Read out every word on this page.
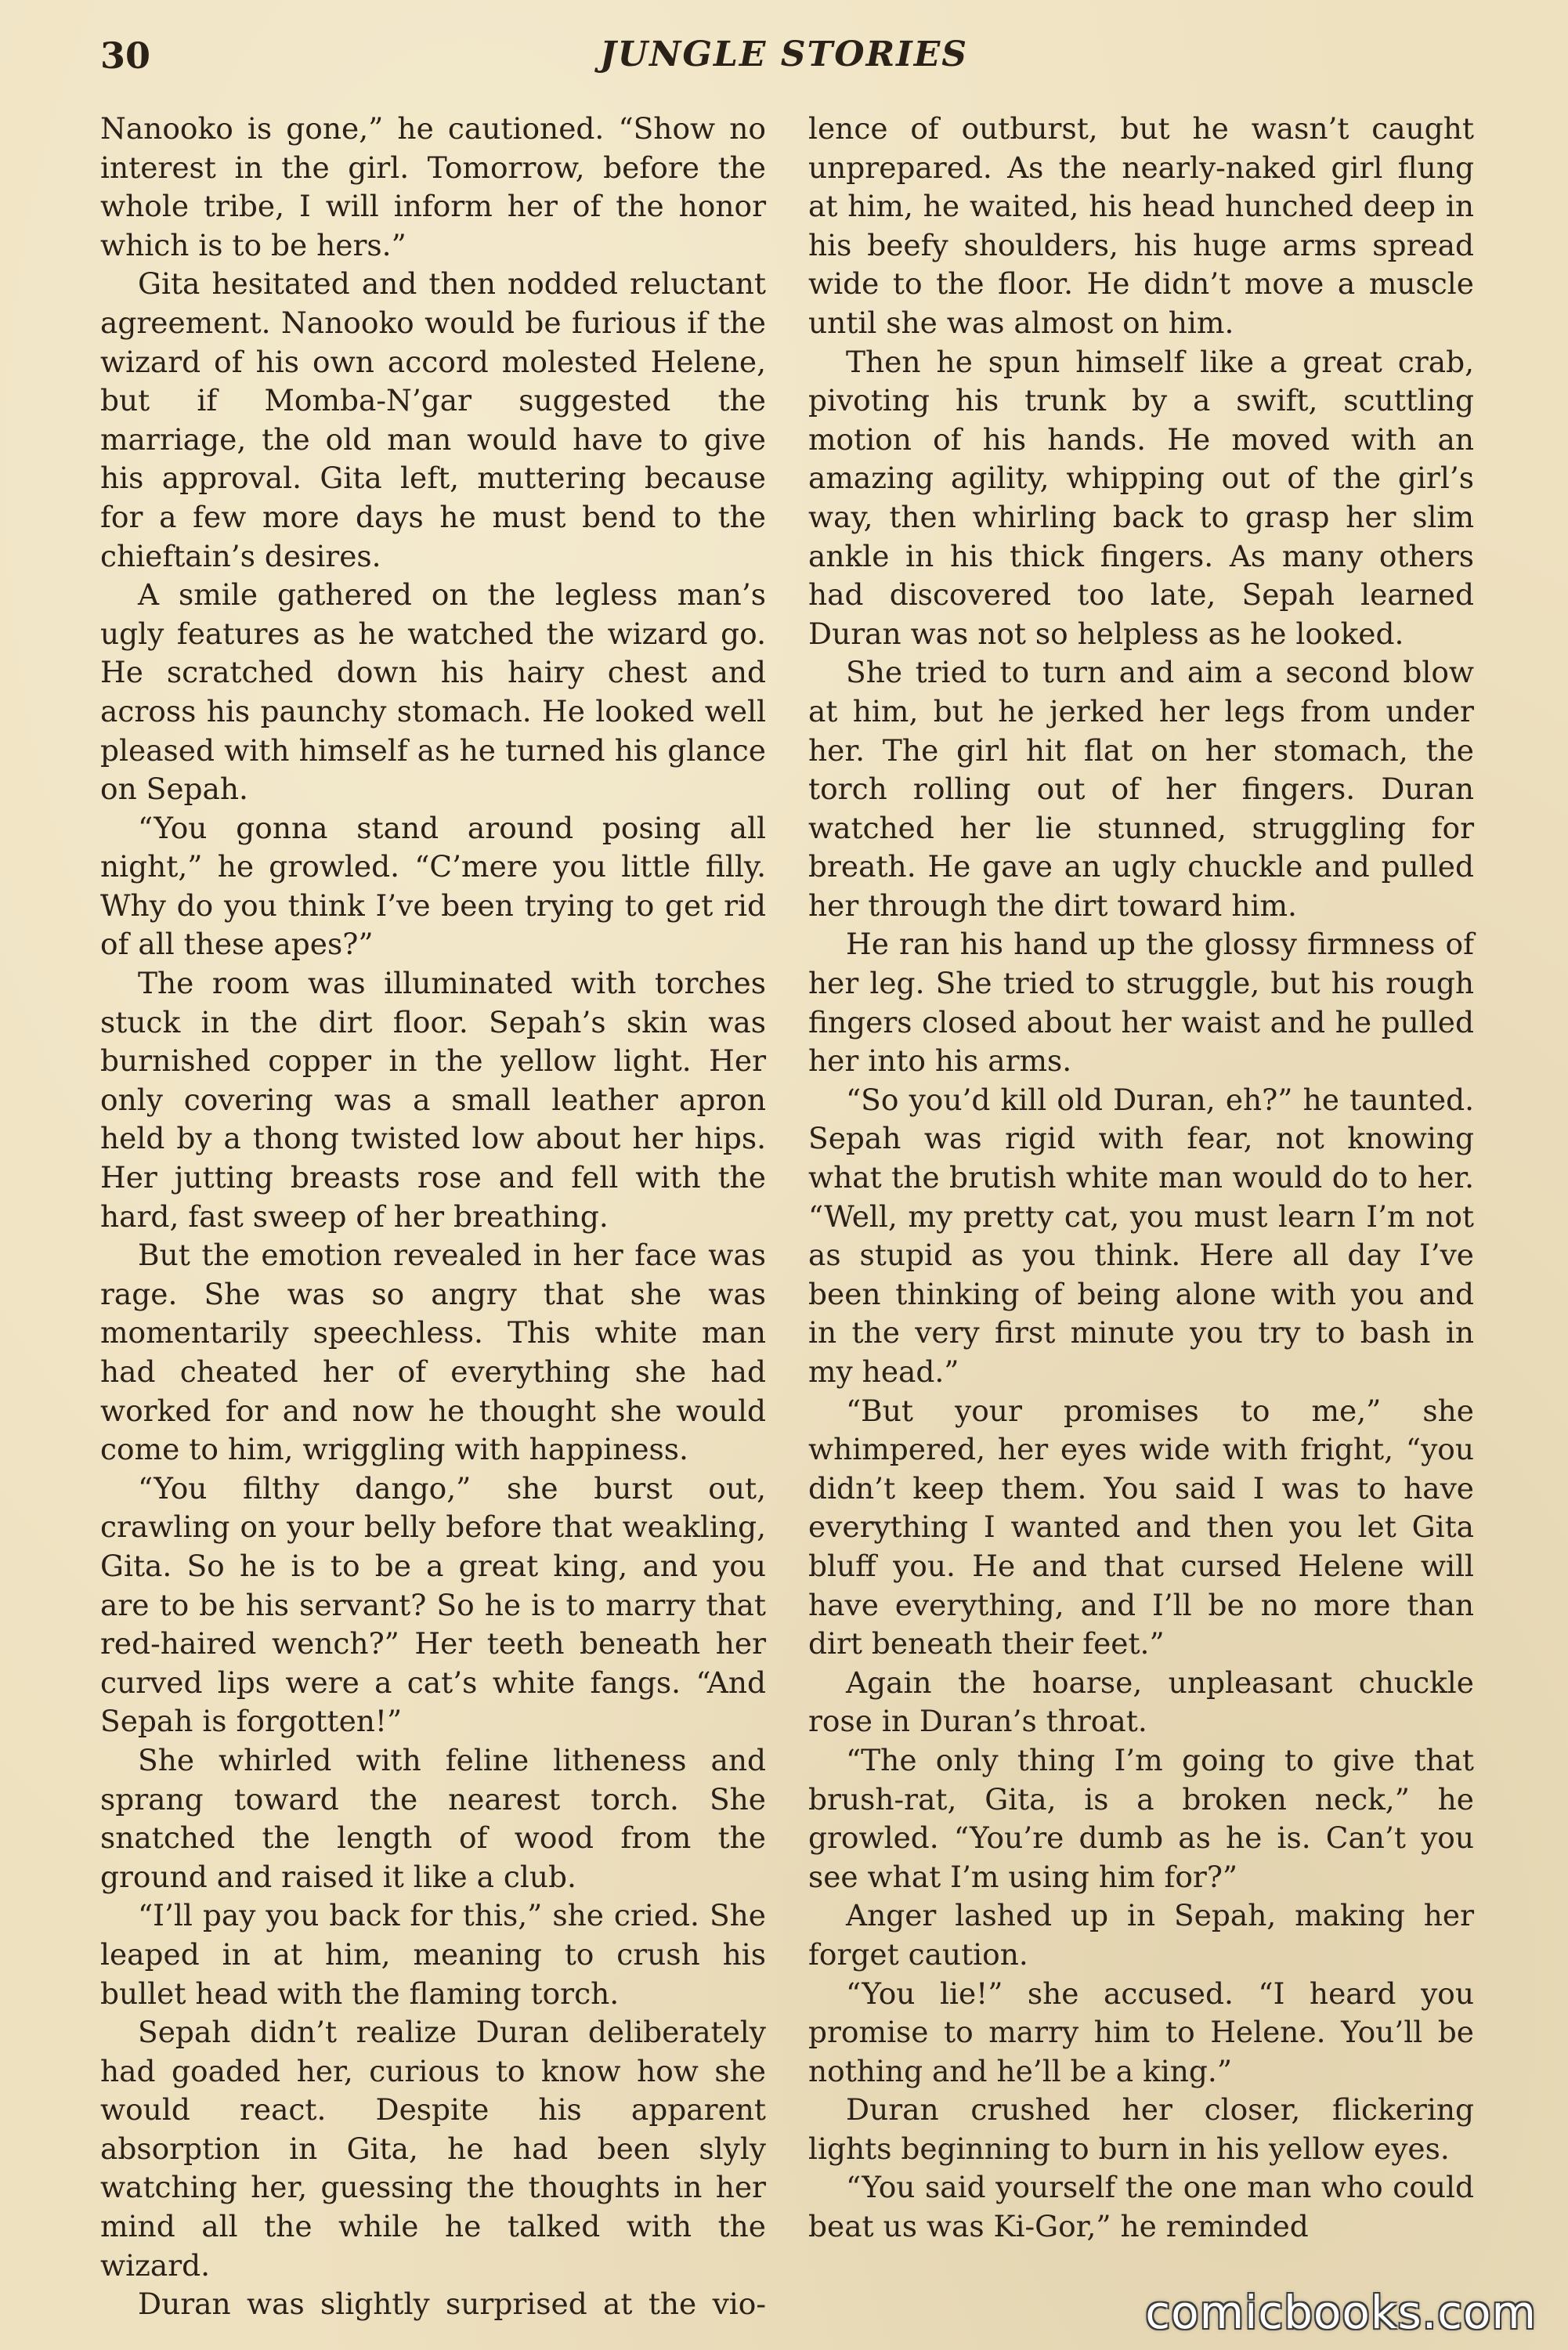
30	JUNGLE STORIES

Nanooko is gone,” he cautioned. “Show no interest in the girl. Tomorrow, before the whole tribe, I will inform her of the honor which is to be hers.”

Gita hesitated and then nodded reluctant agreement. Nanooko would be furious if the wizard of his own accord molested Helene, but if Momba-N’gar suggested the marriage, the old man would have to give his approval. Gita left, muttering because for a few more days he must bend to the chieftain’s desires.

A smile gathered on the legless man’s ugly features as he watched the wizard go. He scratched down his hairy chest and across his paunchy stomach. He looked well pleased with himself as he turned his glance on Sepah.

“You gonna stand around posing all night,” he growled. “C’mere you little filly. Why do you think I’ve been trying to get rid of all these apes?”

The room was illuminated with torches stuck in the dirt floor. Sepah’s skin was burnished copper in the yellow light. Her only covering was a small leather apron held by a thong twisted low about her hips. Her jutting breasts rose and fell with the hard, fast sweep of her breathing.

But the emotion revealed in her face was rage. She was so angry that she was momentarily speechless. This white man had cheated her of everything she had worked for and now he thought she would come to him, wriggling with happiness.

“You filthy dango,” she burst out, crawling on your belly before that weakling, Gita. So he is to be a great king, and you are to be his servant? So he is to marry that red-haired wench?” Her teeth beneath her curved lips were a cat’s white fangs. “And Sepah is forgotten!”

She whirled with feline litheness and sprang toward the nearest torch. She snatched the length of wood from the ground and raised it like a club.

“I’ll pay you back for this,” she cried. She leaped in at him, meaning to crush his bullet head with the flaming torch.

Sepah didn’t realize Duran deliberately had goaded her, curious to know how she would react. Despite his apparent absorption in Gita, he had been slyly watching her, guessing the thoughts in her mind all the while he talked with the wizard.

Duran was slightly surprised at the vio-

lence of outburst, but he wasn’t caught unprepared. As the nearly-naked girl flung at him, he waited, his head hunched deep in his beefy shoulders, his huge arms spread wide to the floor. He didn’t move a muscle until she was almost on him.

Then he spun himself like a great crab, pivoting his trunk by a swift, scuttling motion of his hands. He moved with an amazing agility, whipping out of the girl’s way, then whirling back to grasp her slim ankle in his thick fingers. As many others had discovered too late, Sepah learned Duran was not so helpless as he looked.

She tried to turn and aim a second blow at him, but he jerked her legs from under her. The girl hit flat on her stomach, the torch rolling out of her fingers. Duran watched her lie stunned, struggling for breath. He gave an ugly chuckle and pulled her through the dirt toward him.

He ran his hand up the glossy firmness of her leg. She tried to struggle, but his rough fingers closed about her waist and he pulled her into his arms.

“So you’d kill old Duran, eh?” he taunted. Sepah was rigid with fear, not knowing what the brutish white man would do to her. “Well, my pretty cat, you must learn I’m not as stupid as you think. Here all day I’ve been thinking of being alone with you and in the very first minute you try to bash in my head.”

“But your promises to me,” she whimpered, her eyes wide with fright, “you didn’t keep them. You said I was to have everything I wanted and then you let Gita bluff you. He and that cursed Helene will have everything, and I’ll be no more than dirt beneath their feet.”

Again the hoarse, unpleasant chuckle rose in Duran’s throat.

“The only thing I’m going to give that brush-rat, Gita, is a broken neck,” he growled. “You’re dumb as he is. Can’t you see what I’m using him for?”

Anger lashed up in Sepah, making her forget caution.

“You lie!” she accused. “I heard you promise to marry him to Helene. You’ll be nothing and he’ll be a king.”

Duran crushed her closer, flickering lights beginning to burn in his yellow eyes.

“You said yourself the one man who could beat us was Ki-Gor,” he reminded

comicbooks.com
